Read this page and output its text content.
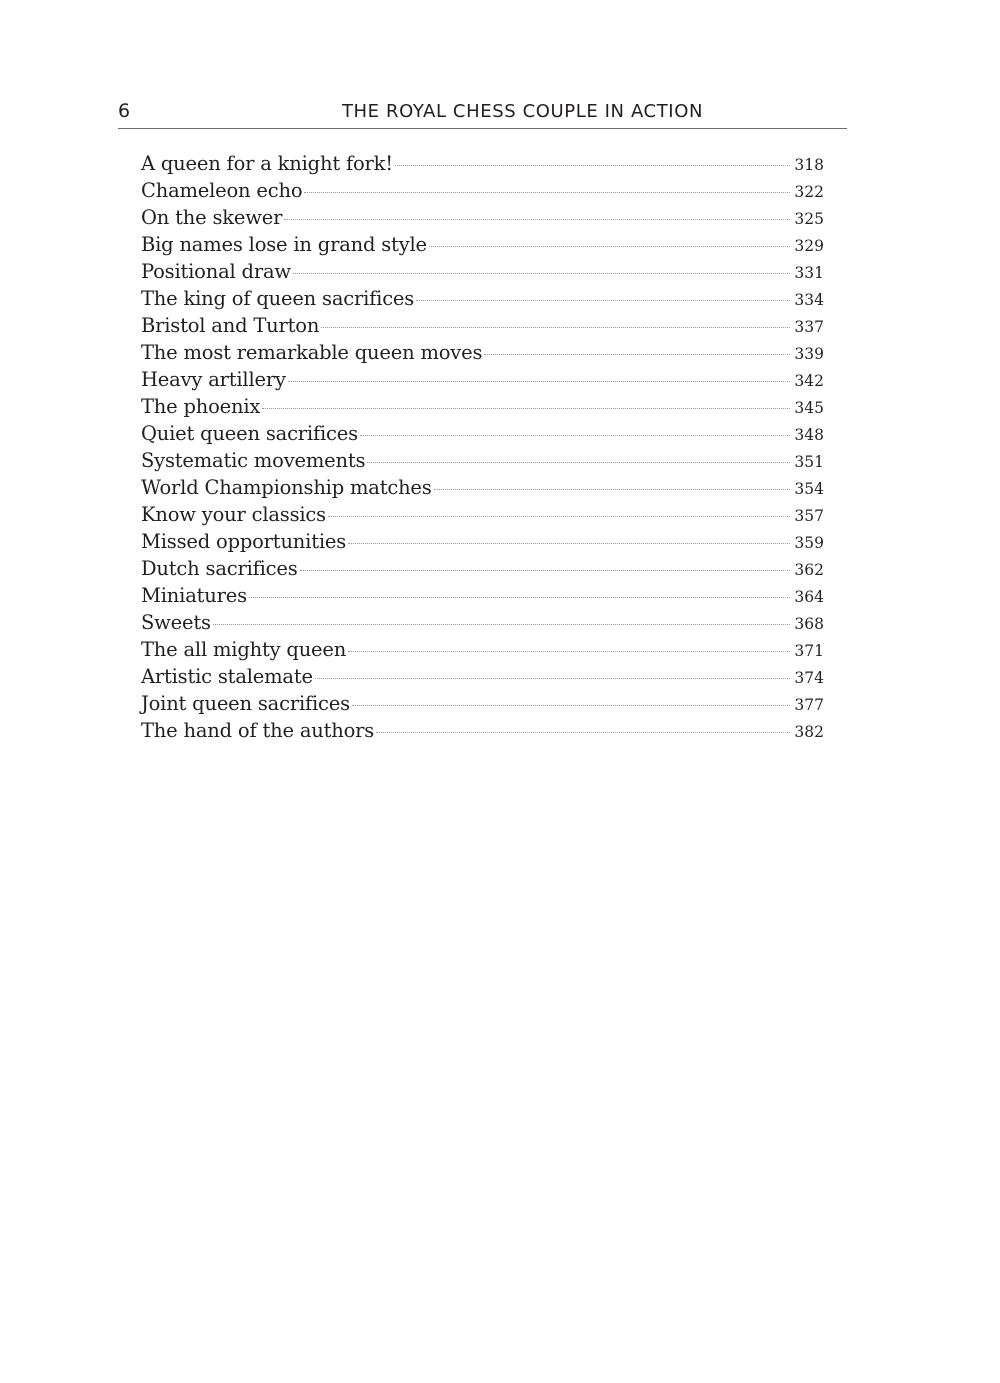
6	THE ROYAL CHESS COUPLE IN ACTION
A queen for a knight fork!	318
Chameleon echo	322
On the skewer	325
Big names lose in grand style	329
Positional draw	331
The king of queen sacrifices	334
Bristol and Turton	337
The most remarkable queen moves	339
Heavy artillery	342
The phoenix	345
Quiet queen sacrifices	348
Systematic movements	351
World Championship matches	354
Know your classics	357
Missed opportunities	359
Dutch sacrifices	362
Miniatures	364
Sweets	368
The all mighty queen	371
Artistic stalemate	374
Joint queen sacrifices	377
The hand of the authors	382
